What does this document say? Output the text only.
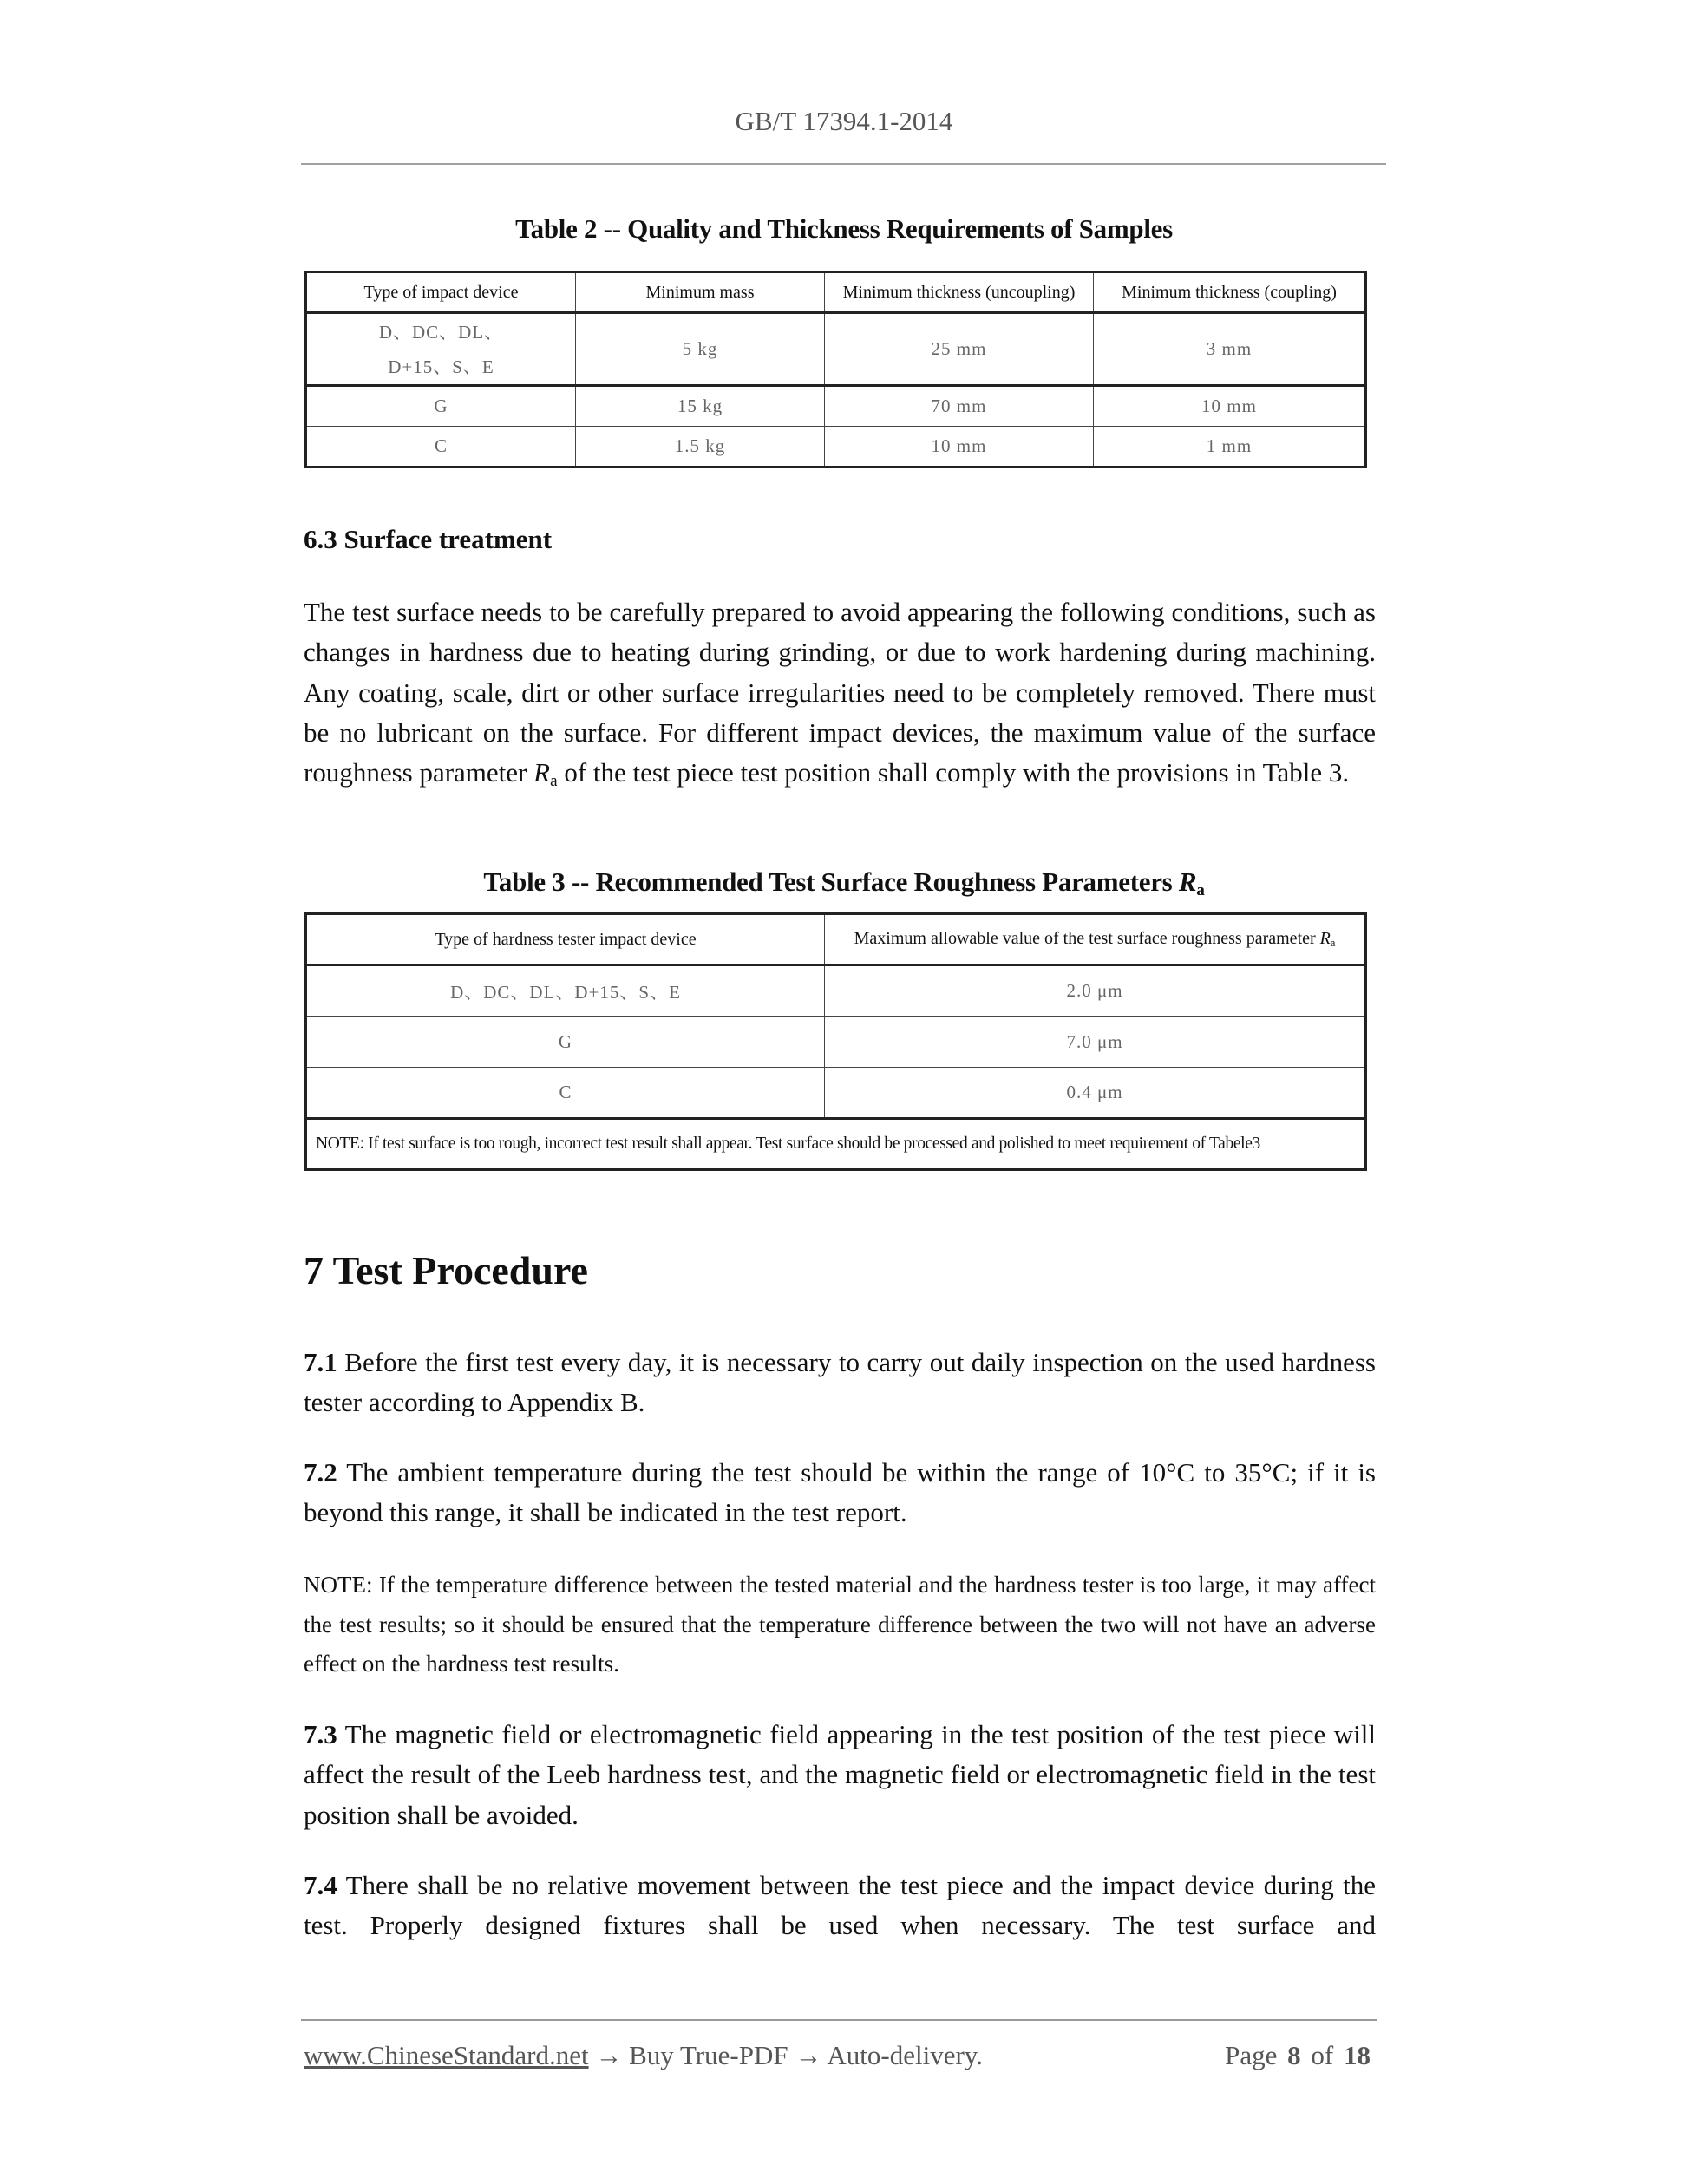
GB/T 17394.1-2014
Table 2 -- Quality and Thickness Requirements of Samples
Type of impact device	Minimum mass	Minimum thickness (uncoupling)	Minimum thickness (coupling)

D、DC、DL、
D+15、S、E	5 kg	25 mm	3 mm
G	15 kg	70 mm	10 mm
C	1.5 kg	10 mm	1 mm
6.3 Surface treatment
The test surface needs to be carefully prepared to avoid appearing the following conditions, such as changes in hardness due to heating during grinding, or due to work hardening during machining. Any coating, scale, dirt or other surface irregularities need to be completely removed. There must be no lubricant on the surface. For different impact devices, the maximum value of the surface roughness parameter $R_a$ of the test piece test position shall comply with the provisions in Table 3.
Table 3 -- Recommended Test Surface Roughness Parameters $R_a$
Type of hardness tester impact device	Maximum allowable value of the test surface roughness parameter $R_a$
D、DC、DL、D+15、S、E	2.0 μm
G	7.0 μm
C	0.4 μm
NOTE: If test surface is too rough, incorrect test result shall appear. Test surface should be processed and polished to meet requirement of Tabele3	
7 Test Procedure
7.1 Before the first test every day, it is necessary to carry out daily inspection on the used hardness tester according to Appendix B.
7.2 The ambient temperature during the test should be within the range of 10°C to 35°C; if it is beyond this range, it shall be indicated in the test report.
NOTE: If the temperature difference between the tested material and the hardness tester is too large, it may affect the test results; so it should be ensured that the temperature difference between the two will not have an adverse effect on the hardness test results.
7.3 The magnetic field or electromagnetic field appearing in the test position of the test piece will affect the result of the Leeb hardness test, and the magnetic field or electromagnetic field in the test position shall be avoided.
7.4 There shall be no relative movement between the test piece and the impact device during the test. Properly designed fixtures shall be used when necessary. The test surface and
www.ChineseStandard.net → Buy True-PDF → Auto-delivery.	Page 8 of 18
